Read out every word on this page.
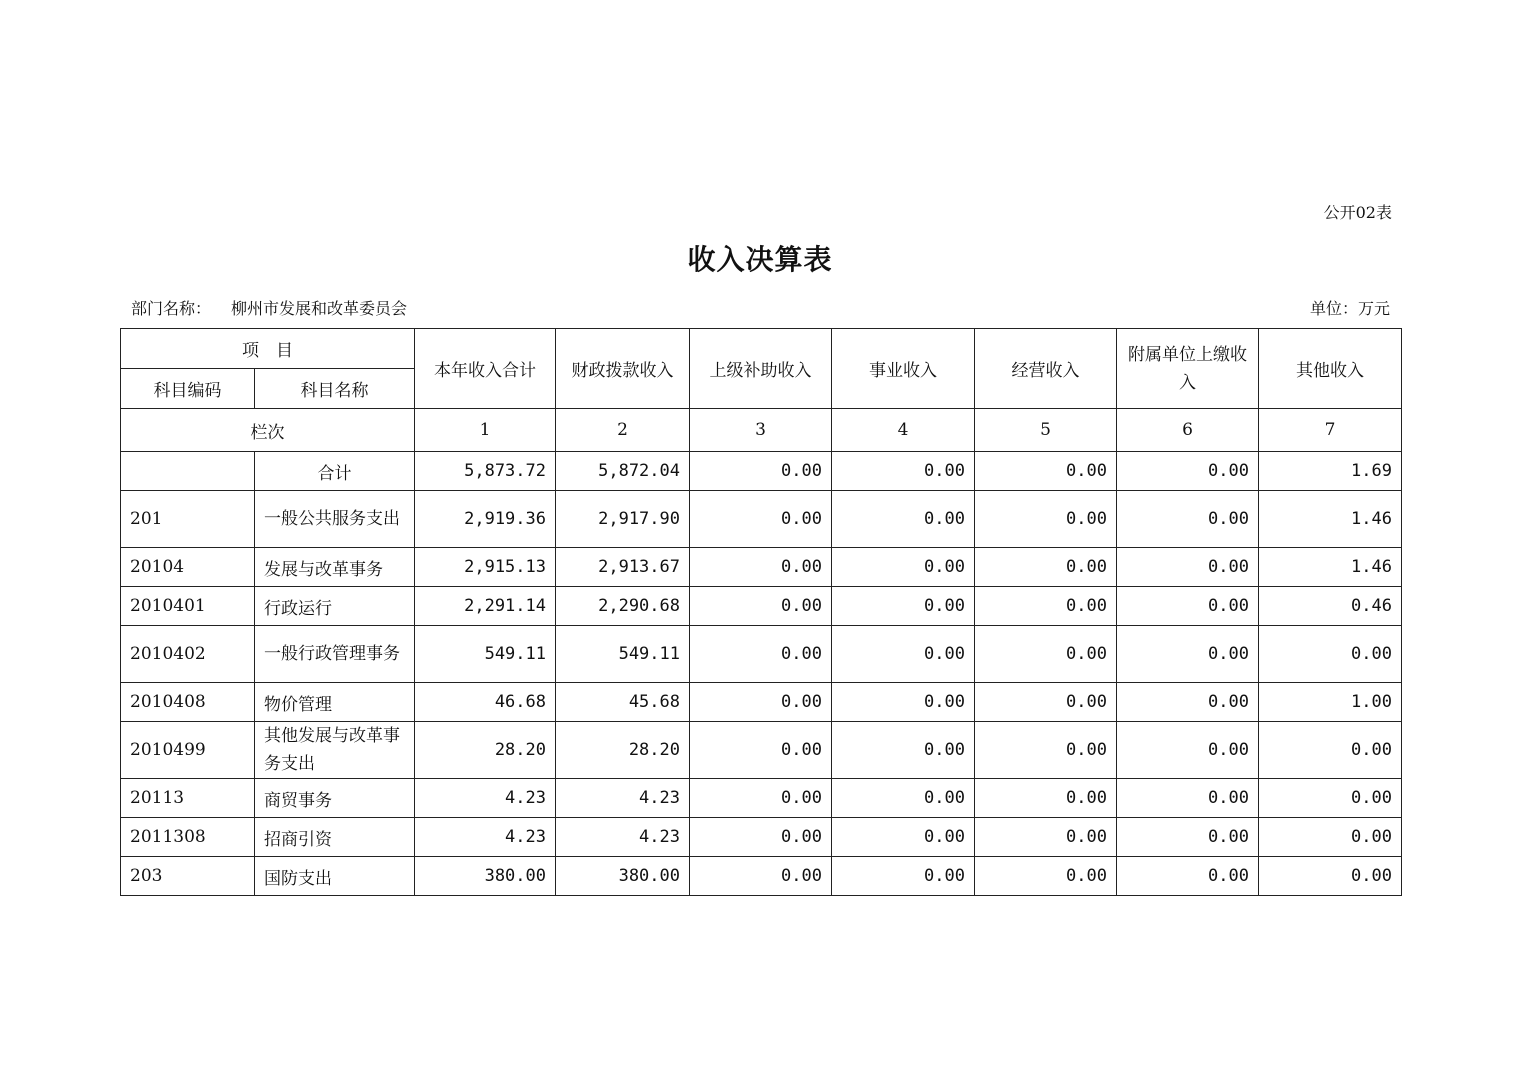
公开02表
收入决算表
部门名称： 柳州市发展和改革委员会	单位：万元
项　目		本年收入合计	财政拨款收入	上级补助收入	事业收入	经营收入	附属单位上缴收入	其他收入
科目编码	科目名称							
栏次		1	2	3	4	5	6	7
	合计	5,873.72	5,872.04	0.00	0.00	0.00	0.00	1.69
201	一般公共服务支出	2,919.36	2,917.90	0.00	0.00	0.00	0.00	1.46
20104	发展与改革事务	2,915.13	2,913.67	0.00	0.00	0.00	0.00	1.46
2010401	行政运行	2,291.14	2,290.68	0.00	0.00	0.00	0.00	0.46
2010402	一般行政管理事务	549.11	549.11	0.00	0.00	0.00	0.00	0.00
2010408	物价管理	46.68	45.68	0.00	0.00	0.00	0.00	1.00
2010499	其他发展与改革事务支出	28.20	28.20	0.00	0.00	0.00	0.00	0.00
20113	商贸事务	4.23	4.23	0.00	0.00	0.00	0.00	0.00
2011308	招商引资	4.23	4.23	0.00	0.00	0.00	0.00	0.00
203	国防支出	380.00	380.00	0.00	0.00	0.00	0.00	0.00
